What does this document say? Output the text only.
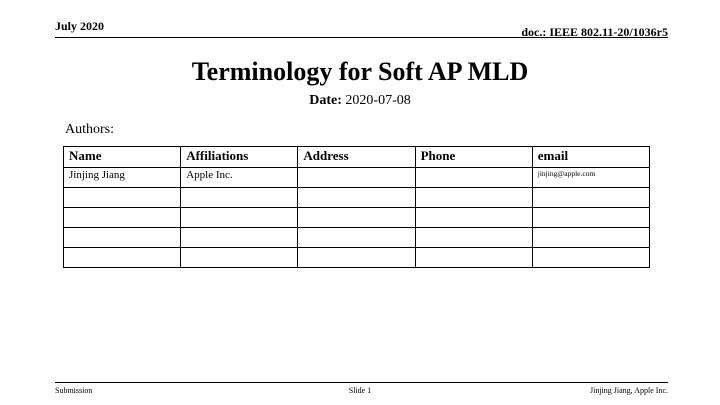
July 2020	doc.: IEEE 802.11-20/1036r5
Terminology for Soft AP MLD
Date: 2020-07-08
Authors:
Name	Affiliations	Address	Phone	email
Jinjing Jiang	Apple Inc.			jinjing@apple.com

Submission	Slide 1	Jinjing Jiang, Apple Inc.
